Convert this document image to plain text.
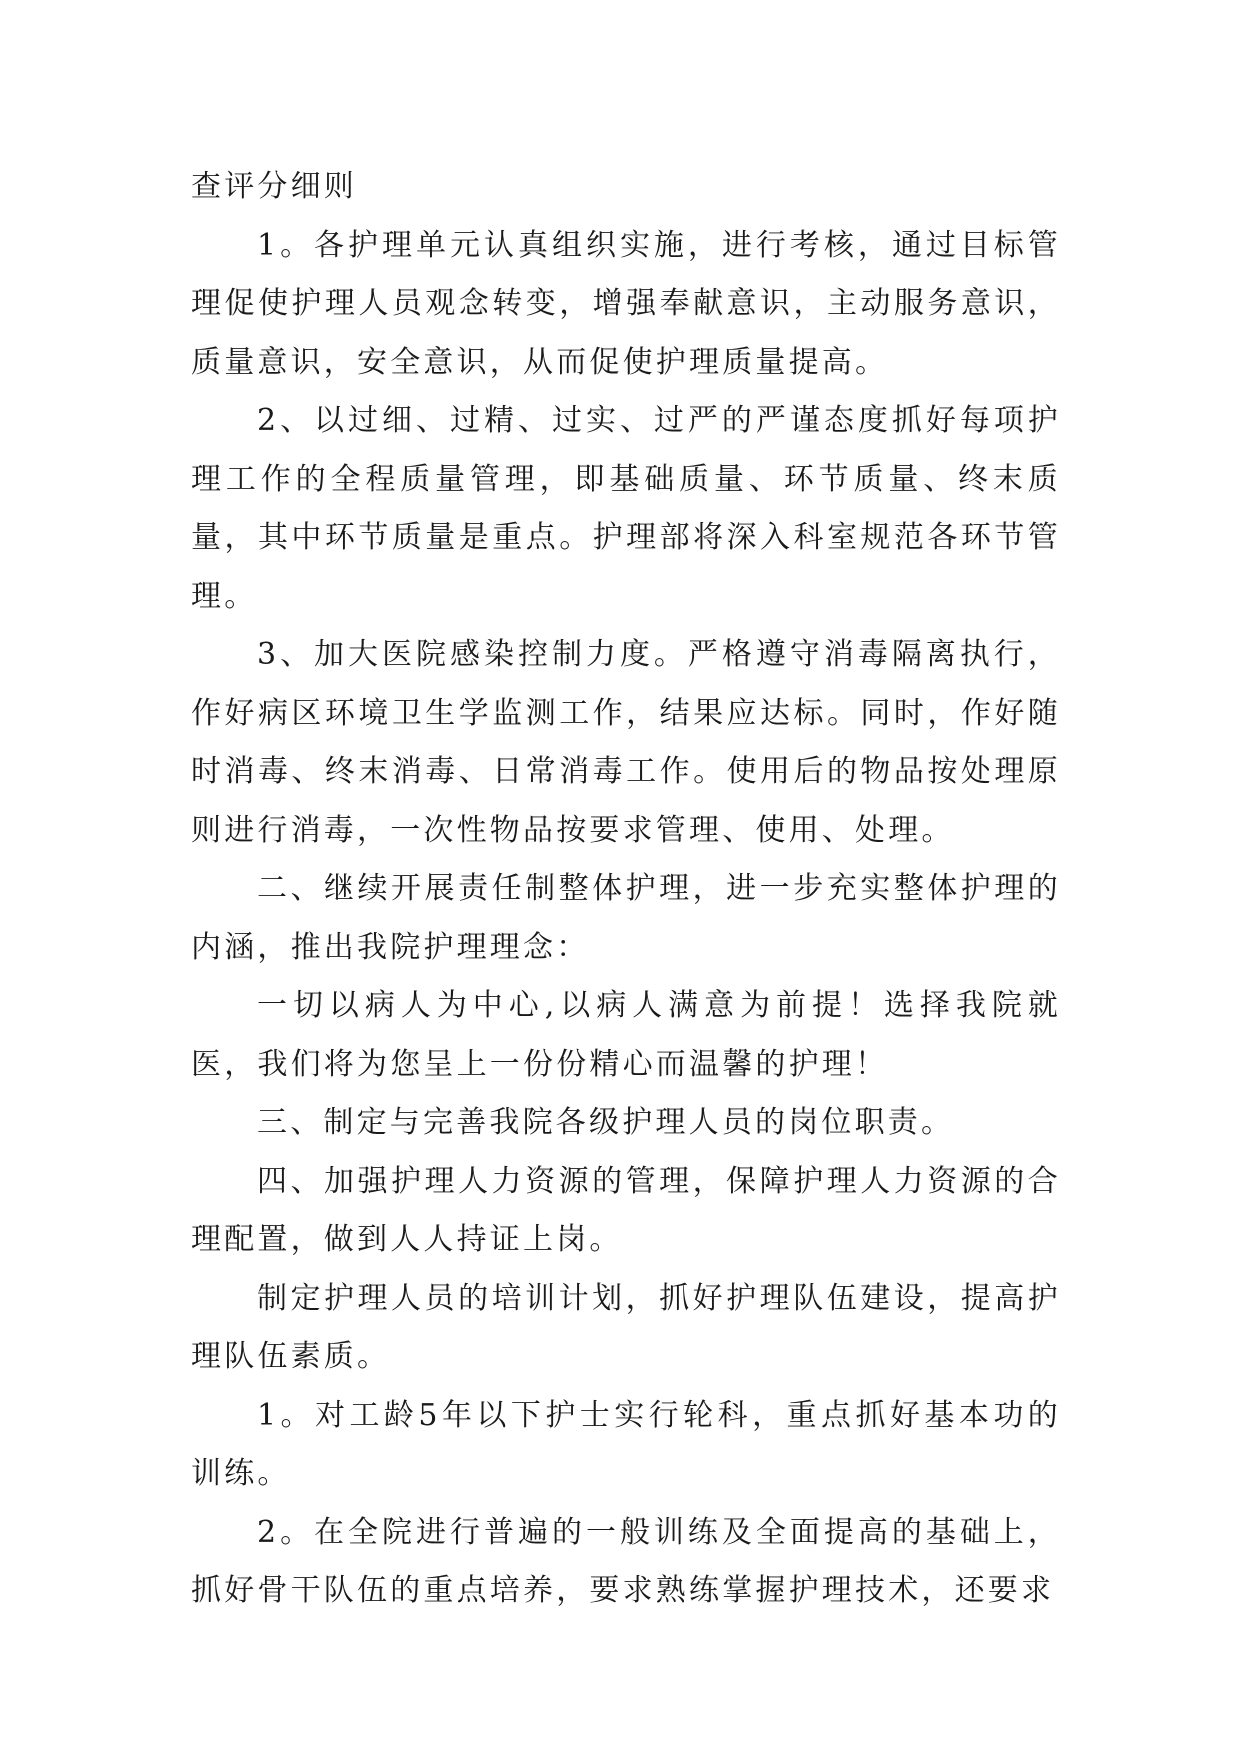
查评分细则

1。各护理单元认真组织实施，进行考核，通过目标管理促使护理人员观念转变，增强奉献意识，主动服务意识，质量意识，安全意识，从而促使护理质量提高。

2、以过细、过精、过实、过严的严谨态度抓好每项护理工作的全程质量管理，即基础质量、环节质量、终末质量，其中环节质量是重点。护理部将深入科室规范各环节管理。

3、加大医院感染控制力度。严格遵守消毒隔离执行，作好病区环境卫生学监测工作，结果应达标。同时，作好随时消毒、终末消毒、日常消毒工作。使用后的物品按处理原则进行消毒，一次性物品按要求管理、使用、处理。

二、继续开展责任制整体护理，进一步充实整体护理的内涵，推出我院护理理念：

一切以病人为中心,以病人满意为前提！选择我院就医，我们将为您呈上一份份精心而温馨的护理！

三、制定与完善我院各级护理人员的岗位职责。

四、加强护理人力资源的管理，保障护理人力资源的合理配置，做到人人持证上岗。

制定护理人员的培训计划，抓好护理队伍建设，提高护理队伍素质。

1。对工龄5年以下护士实行轮科，重点抓好基本功的训练。

2。在全院进行普遍的一般训练及全面提高的基础上，抓好骨干队伍的重点培养，要求熟练掌握护理技术，还要求
